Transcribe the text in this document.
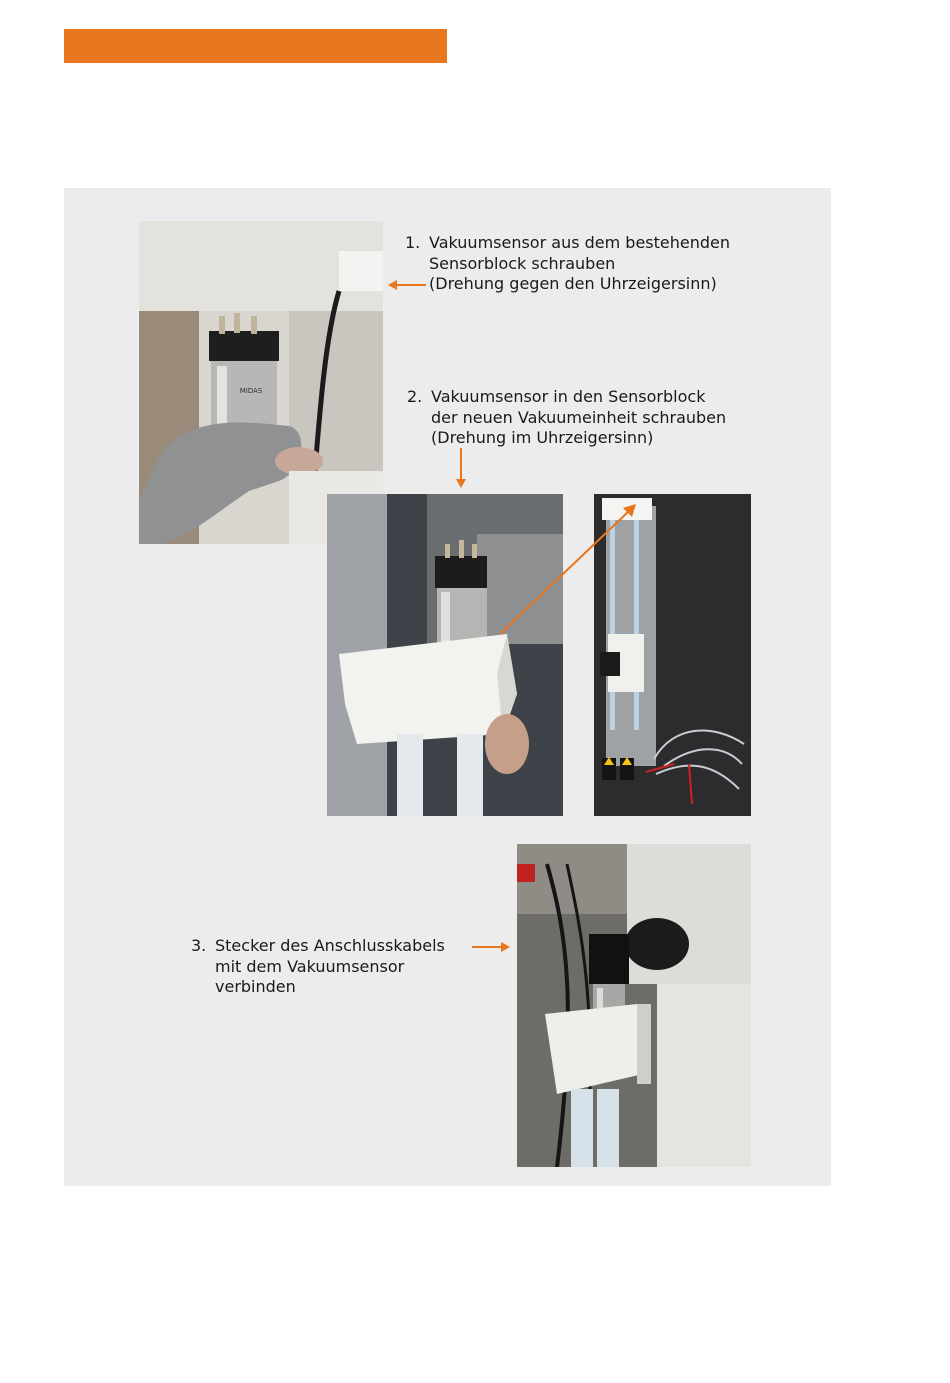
MIDAS
1. Vakuumsensor aus dem bestehenden
Sensorblock schrauben
(Drehung gegen den Uhrzeigersinn)
2. Vakuumsensor in den Sensorblock
der neuen Vakuumeinheit schrauben
(Drehung im Uhrzeigersinn)
3. Stecker des Anschlusskabels
mit dem Vakuumsensor
verbinden
